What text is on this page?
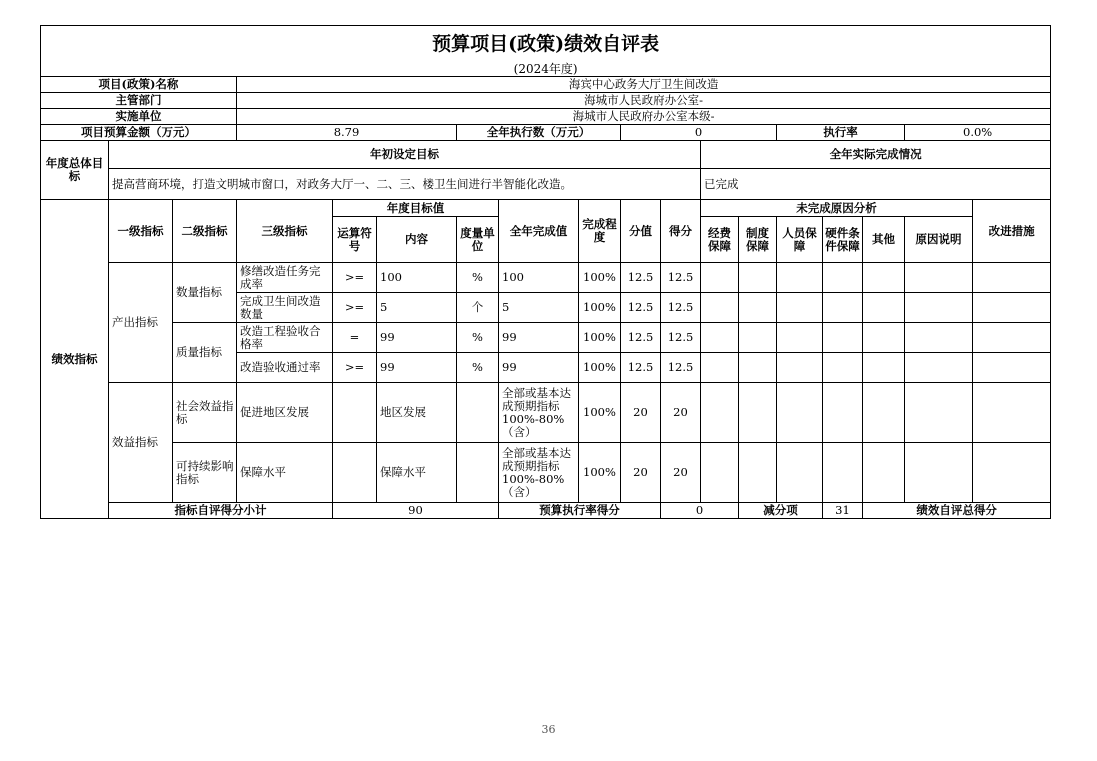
预算项目(政策)绩效自评表																		
(2024年度)																		
项目(政策)名称			海宾中心政务大厅卫生间改造															
主管部门			海城市人民政府办公室-															
实施单位			海城市人民政府办公室本级-															
项目预算金额（万元）			8.79			全年执行数（万元）			0				执行率			0.0%		
年度总体目标	年初设定目标										全年实际完成情况							
	提高营商环境，打造文明城市窗口，对政务大厅一、二、三、楼卫生间进行半智能化改造。										已完成							
绩效指标	一级指标	二级指标	三级指标	年度目标值			全年完成值	完成程度	分值	得分	未完成原因分析						改进措施	
				运算符号	内容	度量单位					经费保障	制度保障	人员保障	硬件条件保障	其他	原因说明		
	产出指标	数量指标	修缮改造任务完成率	>=	100	%	100	100%	12.5	12.5								
			完成卫生间改造数量	>=	5	个	5	100%	12.5	12.5								
		质量指标	改造工程验收合格率	=	99	%	99	100%	12.5	12.5								
			改造验收通过率	>=	99	%	99	100%	12.5	12.5								
	效益指标	社会效益指标	促进地区发展		地区发展		全部或基本达成预期指标100%-80%（含）	100%	20	20								
		可持续影响指标	保障水平		保障水平		全部或基本达成预期指标100%-80%（含）	100%	20	20								
	指标自评得分小计			90			预算执行率得分			0		减分项		31	绩效自评总得分	
36
